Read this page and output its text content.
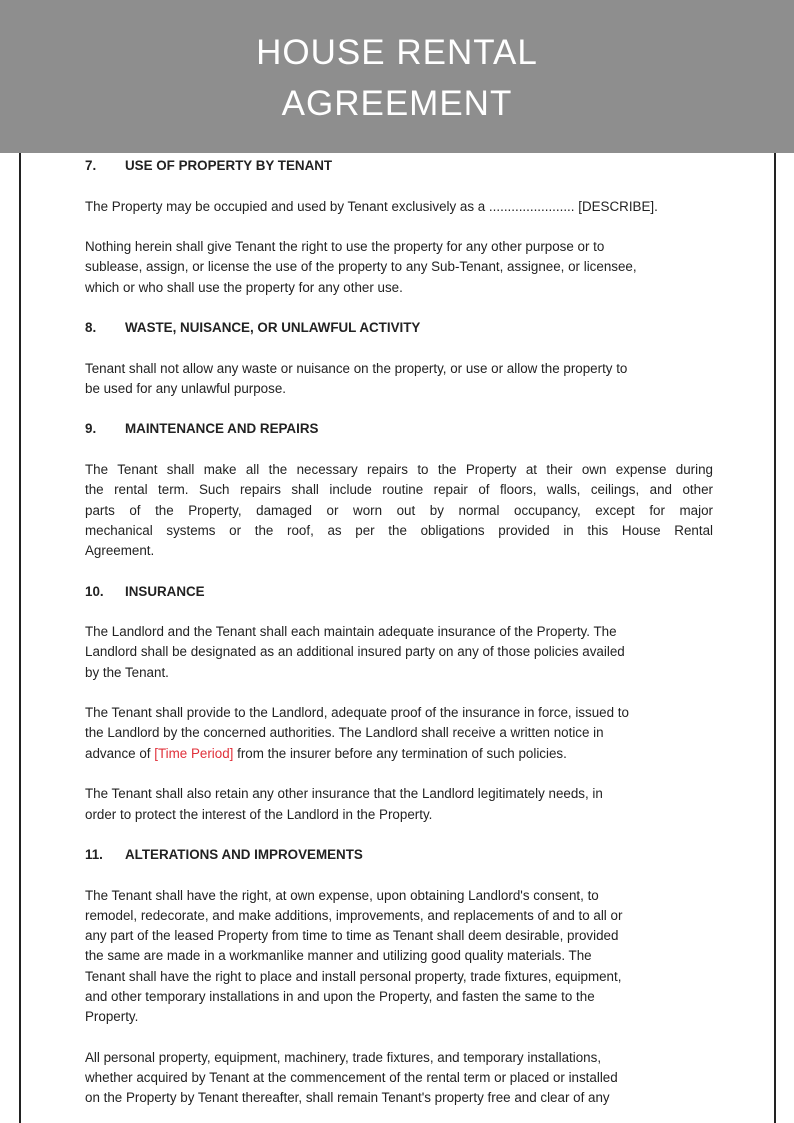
HOUSE RENTAL
AGREEMENT
7. USE OF PROPERTY BY TENANT
The Property may be occupied and used by Tenant exclusively as a ....................... [DESCRIBE].
Nothing herein shall give Tenant the right to use the property for any other purpose or to
sublease, assign, or license the use of the property to any Sub-Tenant, assignee, or licensee,
which or who shall use the property for any other use.
8. WASTE, NUISANCE, OR UNLAWFUL ACTIVITY
Tenant shall not allow any waste or nuisance on the property, or use or allow the property to
be used for any unlawful purpose.
9. MAINTENANCE AND REPAIRS
The Tenant shall make all the necessary repairs to the Property at their own expense during
the rental term. Such repairs shall include routine repair of floors, walls, ceilings, and other
parts of the Property, damaged or worn out by normal occupancy, except for major
mechanical systems or the roof, as per the obligations provided in this House Rental
Agreement.
10. INSURANCE
The Landlord and the Tenant shall each maintain adequate insurance of the Property. The
Landlord shall be designated as an additional insured party on any of those policies availed
by the Tenant.
The Tenant shall provide to the Landlord, adequate proof of the insurance in force, issued to
the Landlord by the concerned authorities. The Landlord shall receive a written notice in
advance of [Time Period] from the insurer before any termination of such policies.
The Tenant shall also retain any other insurance that the Landlord legitimately needs, in
order to protect the interest of the Landlord in the Property.
11. ALTERATIONS AND IMPROVEMENTS
The Tenant shall have the right, at own expense, upon obtaining Landlord's consent, to
remodel, redecorate, and make additions, improvements, and replacements of and to all or
any part of the leased Property from time to time as Tenant shall deem desirable, provided
the same are made in a workmanlike manner and utilizing good quality materials. The
Tenant shall have the right to place and install personal property, trade fixtures, equipment,
and other temporary installations in and upon the Property, and fasten the same to the
Property.
All personal property, equipment, machinery, trade fixtures, and temporary installations,
whether acquired by Tenant at the commencement of the rental term or placed or installed
on the Property by Tenant thereafter, shall remain Tenant's property free and clear of any
